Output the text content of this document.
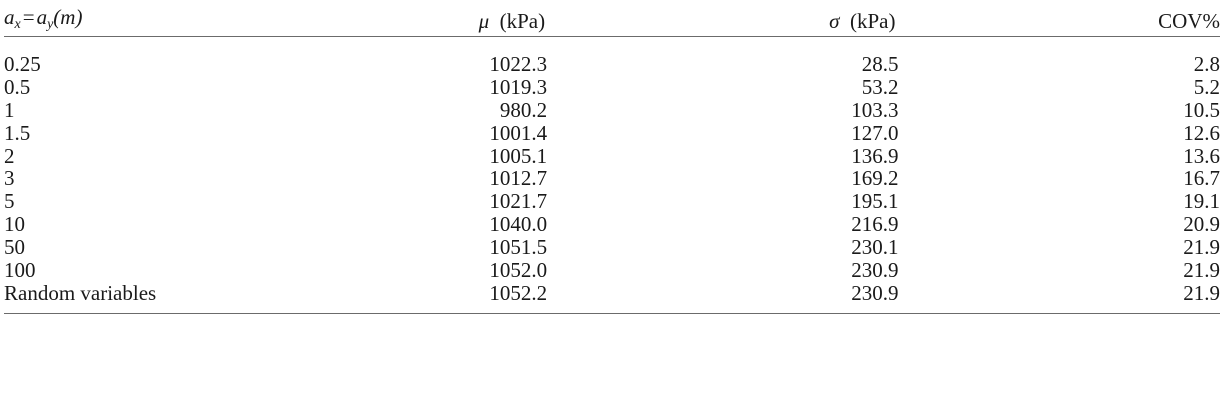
$a_x=a_y(m)$	μ (kPa)	σ (kPa)	COV%

0.25	1022.3	28.5	2.8
0.5	1019.3	53.2	5.2
1	980.2	103.3	10.5
1.5	1001.4	127.0	12.6
2	1005.1	136.9	13.6
3	1012.7	169.2	16.7
5	1021.7	195.1	19.1
10	1040.0	216.9	20.9
50	1051.5	230.1	21.9
100	1052.0	230.9	21.9
Random variables	1052.2	230.9	21.9
